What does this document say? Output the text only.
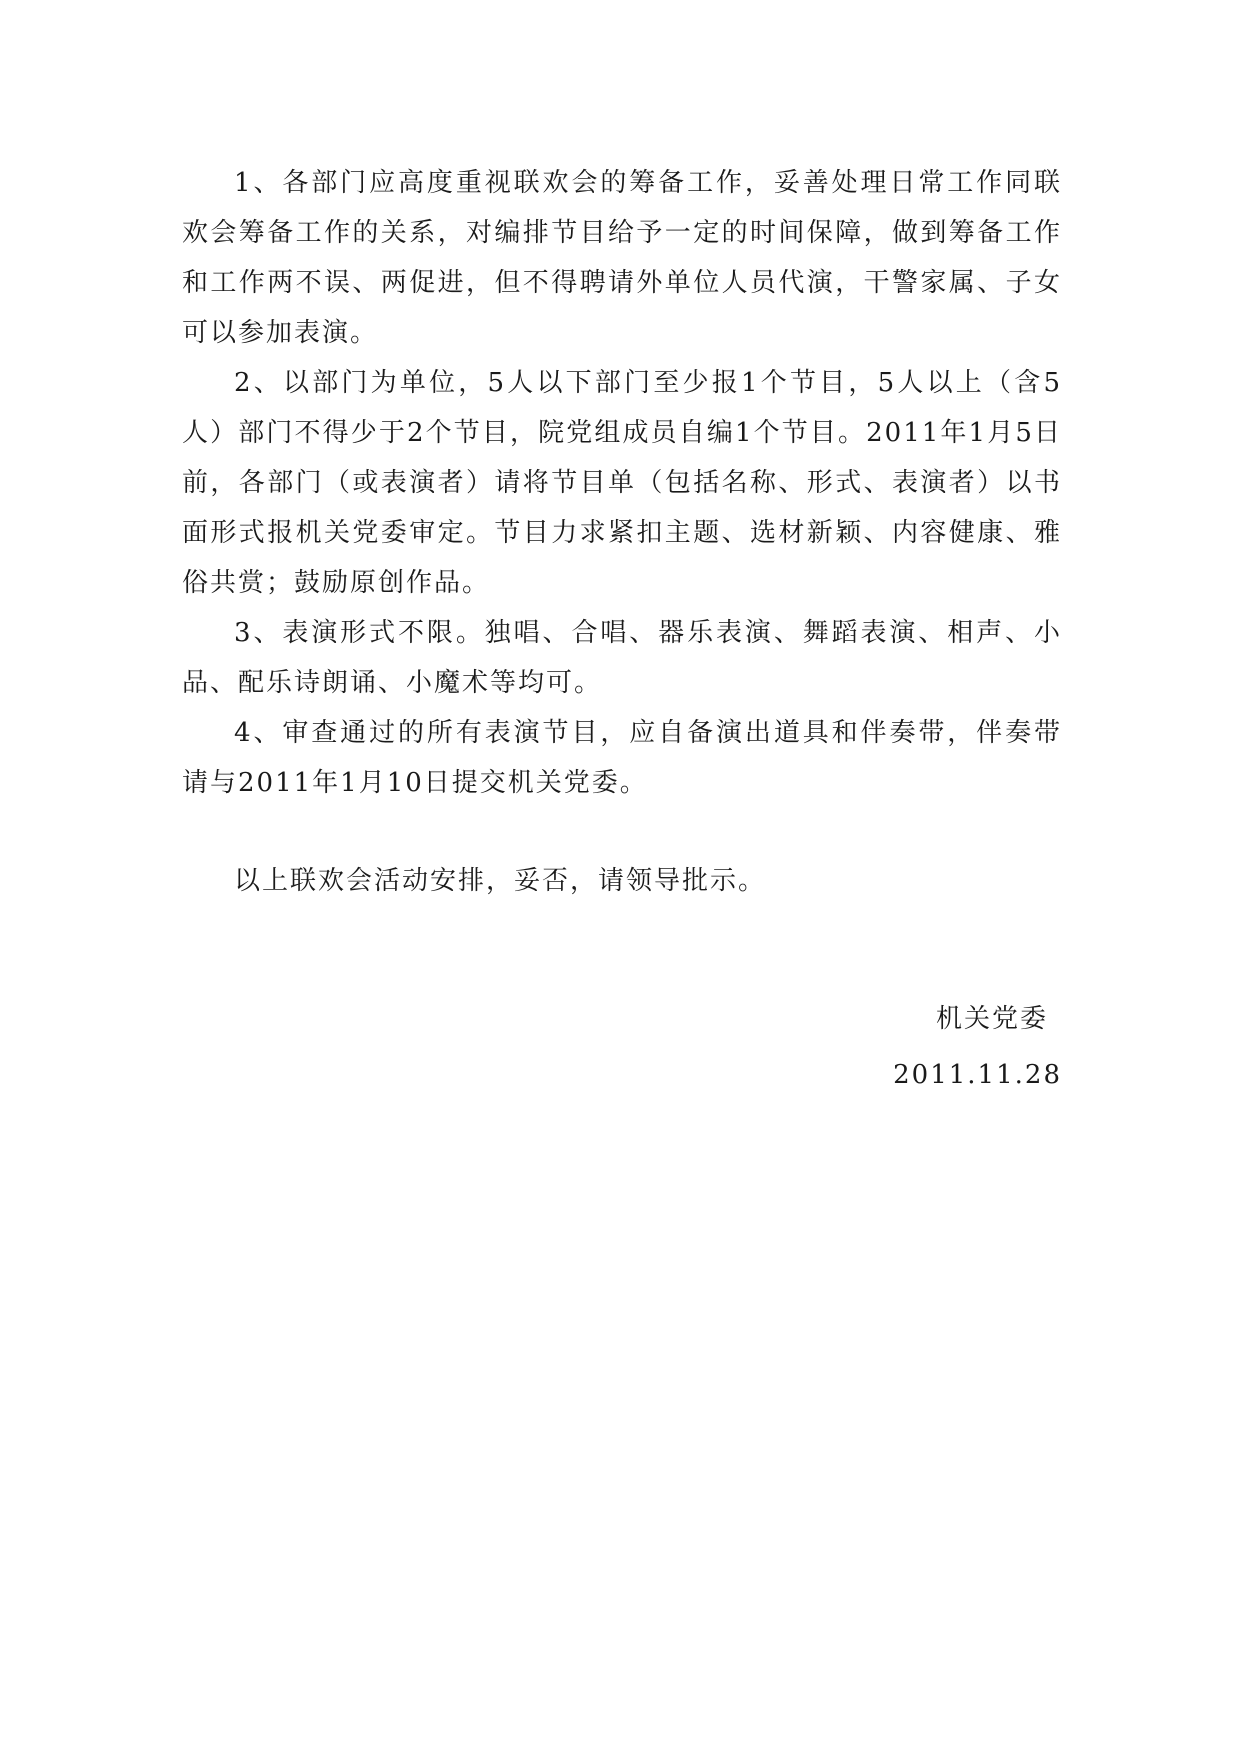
1、各部门应高度重视联欢会的筹备工作，妥善处理日常工作同联欢会筹备工作的关系，对编排节目给予一定的时间保障，做到筹备工作和工作两不误、两促进，但不得聘请外单位人员代演，干警家属、子女可以参加表演。

2、以部门为单位，5人以下部门至少报1个节目，5人以上（含5人）部门不得少于2个节目，院党组成员自编1个节目。2011年1月5日前，各部门（或表演者）请将节目单（包括名称、形式、表演者）以书面形式报机关党委审定。节目力求紧扣主题、选材新颖、内容健康、雅俗共赏；鼓励原创作品。

3、表演形式不限。独唱、合唱、器乐表演、舞蹈表演、相声、小品、配乐诗朗诵、小魔术等均可。

4、审查通过的所有表演节目，应自备演出道具和伴奏带，伴奏带请与2011年1月10日提交机关党委。

以上联欢会活动安排，妥否，请领导批示。

机关党委
2011.11.28
